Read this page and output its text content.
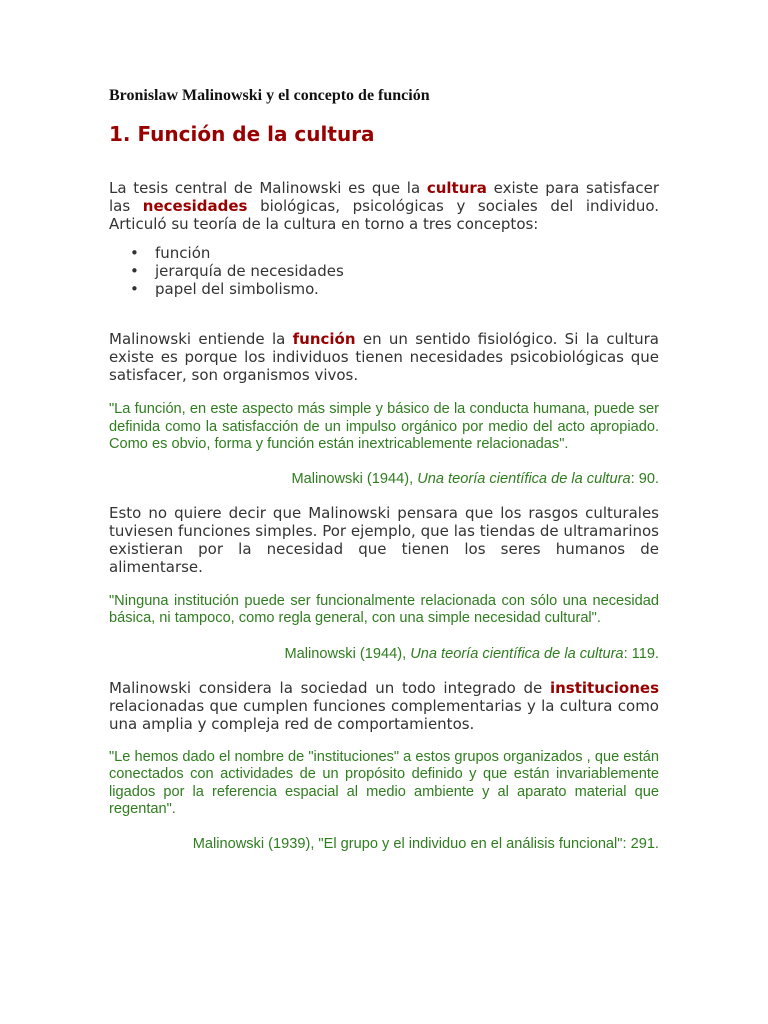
Bronislaw Malinowski y el concepto de función

1. Función de la cultura

La tesis central de Malinowski es que la cultura existe para satisfacer las necesidades biológicas, psicológicas y sociales del individuo. Articuló su teoría de la cultura en torno a tres conceptos:

• función
• jerarquía de necesidades
• papel del simbolismo.

Malinowski entiende la función en un sentido fisiológico. Si la cultura existe es porque los individuos tienen necesidades psicobiológicas que satisfacer, son organismos vivos.

"La función, en este aspecto más simple y básico de la conducta humana, puede ser definida como la satisfacción de un impulso orgánico por medio del acto apropiado. Como es obvio, forma y función están inextricablemente relacionadas".

Malinowski (1944), Una teoría científica de la cultura: 90.

Esto no quiere decir que Malinowski pensara que los rasgos culturales tuviesen funciones simples. Por ejemplo, que las tiendas de ultramarinos existieran por la necesidad que tienen los seres humanos de alimentarse.

"Ninguna institución puede ser funcionalmente relacionada con sólo una necesidad básica, ni tampoco, como regla general, con una simple necesidad cultural".

Malinowski (1944), Una teoría científica de la cultura: 119.

Malinowski considera la sociedad un todo integrado de instituciones relacionadas que cumplen funciones complementarias y la cultura como una amplia y compleja red de comportamientos.

"Le hemos dado el nombre de "instituciones" a estos grupos organizados , que están conectados con actividades de un propósito definido y que están invariablemente ligados por la referencia espacial al medio ambiente y al aparato material que regentan".

Malinowski (1939), "El grupo y el individuo en el análisis funcional": 291.
